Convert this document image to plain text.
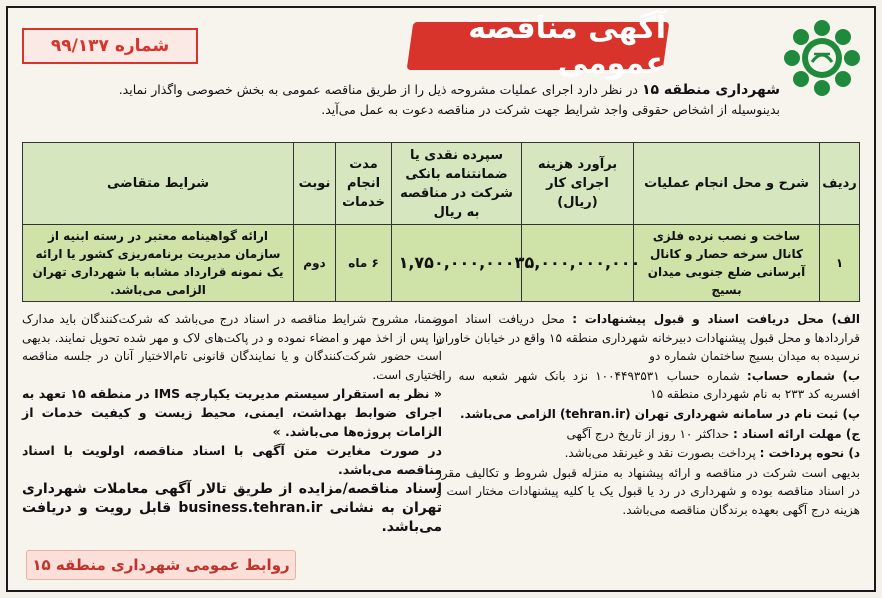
آگهی مناقصه عمومی
شماره ۹۹/۱۳۷
شهرداری منطقه ۱۵ در نظر دارد اجرای عملیات مشروحه ذیل را از طریق مناقصه عمومی به بخش خصوصی واگذار نماید.
بدینوسیله از اشخاص حقوقی واجد شرایط جهت شرکت در مناقصه دعوت به عمل می‌آید.
ردیف
شرح و محل انجام عملیات
برآورد هزینه اجرای کار (ریال)
سپرده نقدی یا ضمانتنامه بانکی شرکت در مناقصه به ریال
مدت انجام خدمات
نوبت
شرایط متقاضی
۱
ساخت و نصب نرده فلزی کانال سرخه حصار و کانال آبرسانی ضلع جنوبی میدان بسیج
۳۵,۰۰۰,۰۰۰,۰۰۰
۱,۷۵۰,۰۰۰,۰۰۰
۶ ماه
دوم
ارائه گواهینامه معتبر در رسته ابنیه از سازمان مدیریت برنامه‌ریزی کشور یا ارائه یک نمونه قرارداد مشابه با شهرداری تهران الزامی می‌باشد.

الف) محل دریافت اسناد و قبول پیشنهادات : محل دریافت اسناد امور قراردادها و محل قبول پیشنهادات دبیرخانه شهرداری منطقه ۱۵ واقع در خیابان خاوران نرسیده به میدان بسیج ساختمان شماره دو

ب) شماره حساب: شماره حساب ۱۰۰۴۴۹۳۵۳۱ نزد بانک شهر شعبه سه راه افسریه کد ۲۳۳ به نام شهرداری منطقه ۱۵

پ) ثبت نام در سامانه شهرداری تهران (tehran.ir) الزامی می‌باشد.

ج) مهلت ارائه اسناد : حداکثر ۱۰ روز از تاریخ درج آگهی

د) نحوه پرداخت : پرداخت بصورت نقد و غیرنقد می‌باشد.

بدیهی است شرکت در مناقصه و ارائه پیشنهاد به منزله قبول شروط و تکالیف مقرر در اسناد مناقصه بوده و شهرداری در رد یا قبول یک یا کلیه پیشنهادات مختار است و هزینه درج آگهی بعهده برندگان مناقصه می‌باشد.

ضمنا، مشروح شرایط مناقصه در اسناد درج می‌باشد که شرکت‌کنندگان باید مدارک را پس از اخذ مهر و امضاء نموده و در پاکت‌های لاک و مهر شده تحویل نمایند. بدیهی است حضور شرکت‌کنندگان و یا نمایندگان قانونی تام‌الاختیار آنان در جلسه مناقصه اختیاری است.

« نظر به استقرار سیستم مدیریت یکپارچه IMS در منطقه ۱۵ تعهد به اجرای ضوابط بهداشت، ایمنی، محیط زیست و کیفیت خدمات از الزامات پروژه‌ها می‌باشد. »

در صورت مغایرت متن آگهی با اسناد مناقصه، اولویت با اسناد مناقصه می‌باشد.

اسناد مناقصه/مزایده از طریق تالار آگهی معاملات شهرداری تهران به نشانی business.tehran.ir قابل رویت و دریافت می‌باشد.

روابط عمومی شهرداری منطقه ۱۵
